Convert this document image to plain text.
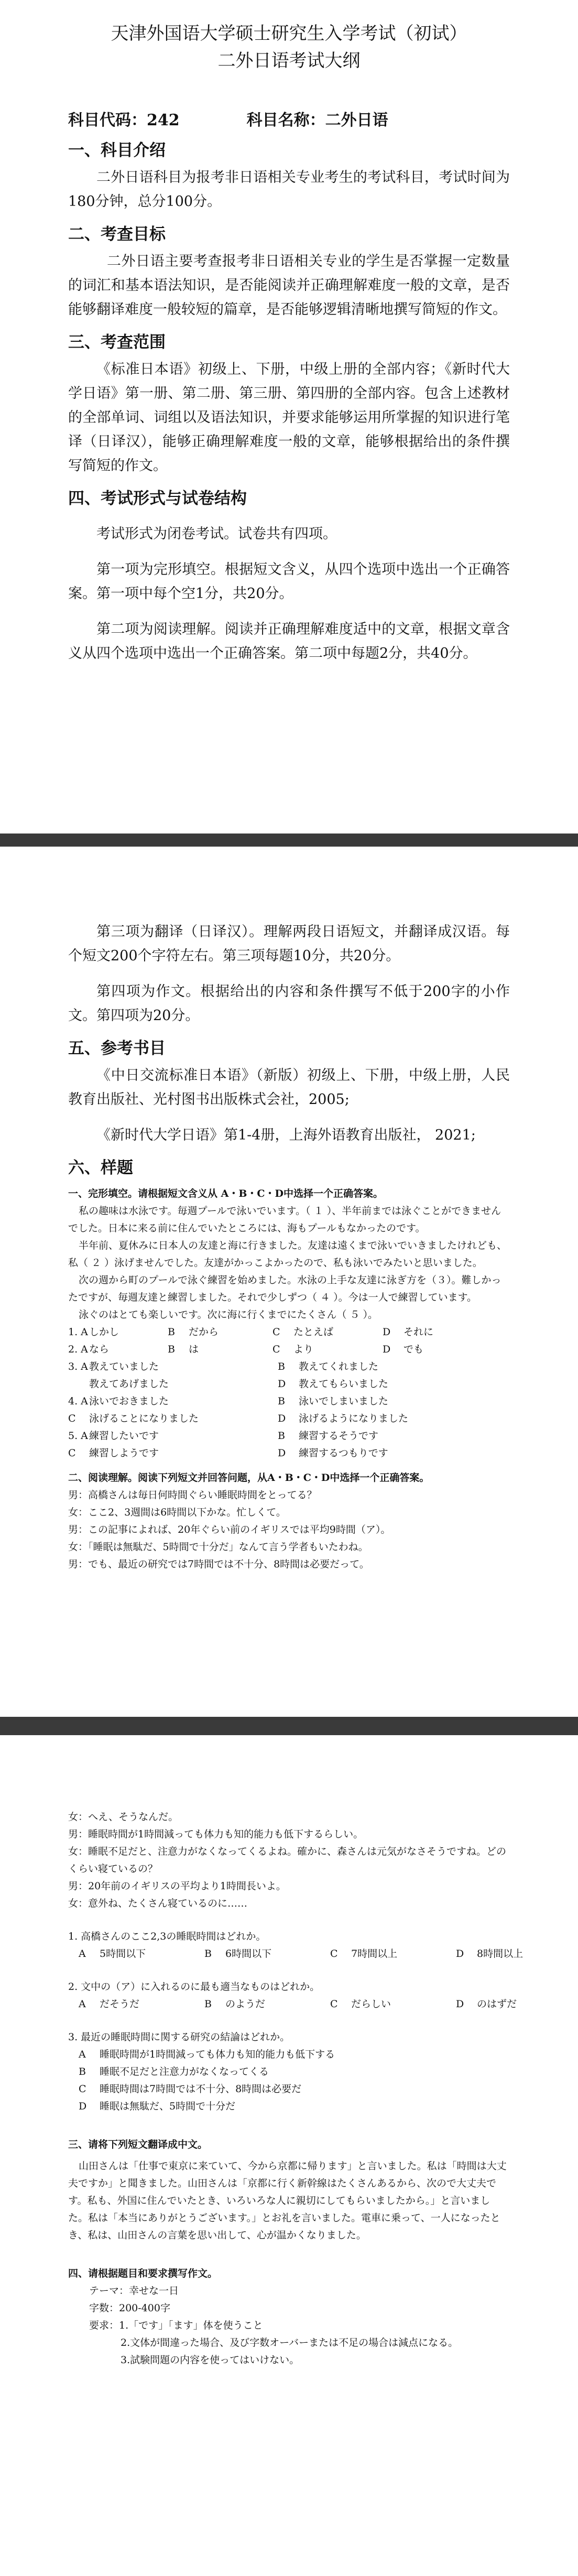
天津外国语大学硕士研究生入学考试（初试）
二外日语考试大纲
科目代码：242	科目名称：二外日语
一、科目介绍

二外日语科目为报考非日语相关专业考生的考试科目，考试时间为180分钟，总分100分。

二、考查目标

二外日语主要考查报考非日语相关专业的学生是否掌握一定数量的词汇和基本语法知识，是否能阅读并正确理解难度一般的文章，是否能够翻译难度一般较短的篇章，是否能够逻辑清晰地撰写简短的作文。

三、考查范围

《标准日本语》初级上、下册，中级上册的全部内容；《新时代大学日语》第一册、第二册、第三册、第四册的全部内容。包含上述教材的全部单词、词组以及语法知识，并要求能够运用所掌握的知识进行笔译（日译汉），能够正确理解难度一般的文章，能够根据给出的条件撰写简短的作文。

四、考试形式与试卷结构

考试形式为闭卷考试。试卷共有四项。

第一项为完形填空。根据短文含义，从四个选项中选出一个正确答案。第一项中每个空1分，共20分。

第二项为阅读理解。阅读并正确理解难度适中的文章，根据文章含义从四个选项中选出一个正确答案。第二项中每题2分，共40分。

第三项为翻译（日译汉）。理解两段日语短文，并翻译成汉语。每个短文200个字符左右。第三项每题10分，共20分。

第四项为作文。根据给出的内容和条件撰写不低于200字的小作文。第四项为20分。

五、参考书目

《中日交流标准日本语》（新版）初级上、下册，中级上册，人民教育出版社、光村图书出版株式会社，2005;

《新时代大学日语》第1-4册，上海外语教育出版社， 2021;

六、样题
一、完形填空。请根据短文含义从 A・B・C・D中选择一个正确答案。
私の趣味は水泳です。毎週プールで泳いでいます。（ １ ）、半年前までは泳ぐことができませんでした。日本に来る前に住んでいたところには、海もプールもなかったのです。
半年前、夏休みに日本人の友達と海に行きました。友達は遠くまで泳いでいきましたけれども、私（ ２ ）泳げませんでした。友達がかっこよかったので、私も泳いでみたいと思いました。
次の週から町のプールで泳ぐ練習を始めました。水泳の上手な友達に泳ぎ方を（３）。難しかったですが、毎週友達と練習しました。それで少しずつ（ ４ ）。今は一人で練習しています。
泳ぐのはとても楽しいです。次に海に行くまでにたくさん（ ５ ）。
1. A しかし	B	だから	C	たとえば	D	それに
2. A なら	B	は	C	より	D	でも
3. A 教えていました	B	教えてくれました
教えてあげました	D	教えてもらいました
4. A 泳いでおきました	B	泳いでしまいました
C	泳げることになりました	D	泳げるようになりました
5. A 練習したいです	B	練習するそうです
C	練習しようです	D	練習するつもりです
二、阅读理解。阅读下列短文并回答问题，从A・B・C・D中选择一个正确答案。
男：高橋さんは毎日何時間ぐらい睡眠時間をとってる？
女：ここ2、3週間は6時間以下かな。忙しくて。
男：この記事によれば、20年ぐらい前のイギリスでは平均9時間（ア）。
女：「睡眠は無駄だ、5時間で十分だ」なんて言う学者もいたわね。
男：でも、最近の研究では7時間では不十分、8時間は必要だって。
女：へえ、そうなんだ。
男：睡眠時間が1時間減っても体力も知的能力も低下するらしい。
女：睡眠不足だと、注意力がなくなってくるよね。確かに、森さんは元気がなさそうですね。どのくらい寝ているの？
男：20年前のイギリスの平均より1時間長いよ。
女：意外ね、たくさん寝ているのに……

1. 高橋さんのここ2,3の睡眠時間はどれか。

A	5時間以下	B	6時間以下	C	7時間以上	D	8時間以上

2. 文中の（ア）に入れるのに最も適当なものはどれか。

A	だそうだ	B	のようだ	C	だらしい	D	のはずだ

3. 最近の睡眠時間に関する研究の結論はどれか。

A	睡眠時間が1時間減っても体力も知的能力も低下する
B	睡眠不足だと注意力がなくなってくる
C	睡眠時間は7時間では不十分、8時間は必要だ
D	睡眠は無駄だ、5時間で十分だ
三、请将下列短文翻译成中文。
山田さんは「仕事で東京に来ていて、今から京都に帰ります」と言いました。私は「時間は大丈夫ですか」と聞きました。山田さんは「京都に行く新幹線はたくさんあるから、次ので大丈夫です。私も、外国に住んでいたとき、いろいろな人に親切にしてもらいましたから。」と言いました。私は「本当にありがとうございます。」とお礼を言いました。電車に乗って、一人になったとき、私は、山田さんの言葉を思い出して、心が温かくなりました。
四、请根据题目和要求撰写作文。
テーマ：幸せな一日
字数：200-400字
要求：1.「です」「ます」体を使うこと
2.文体が間違った場合、及び字数オーバーまたは不足の場合は減点になる。
3.試験問題の内容を使ってはいけない。
